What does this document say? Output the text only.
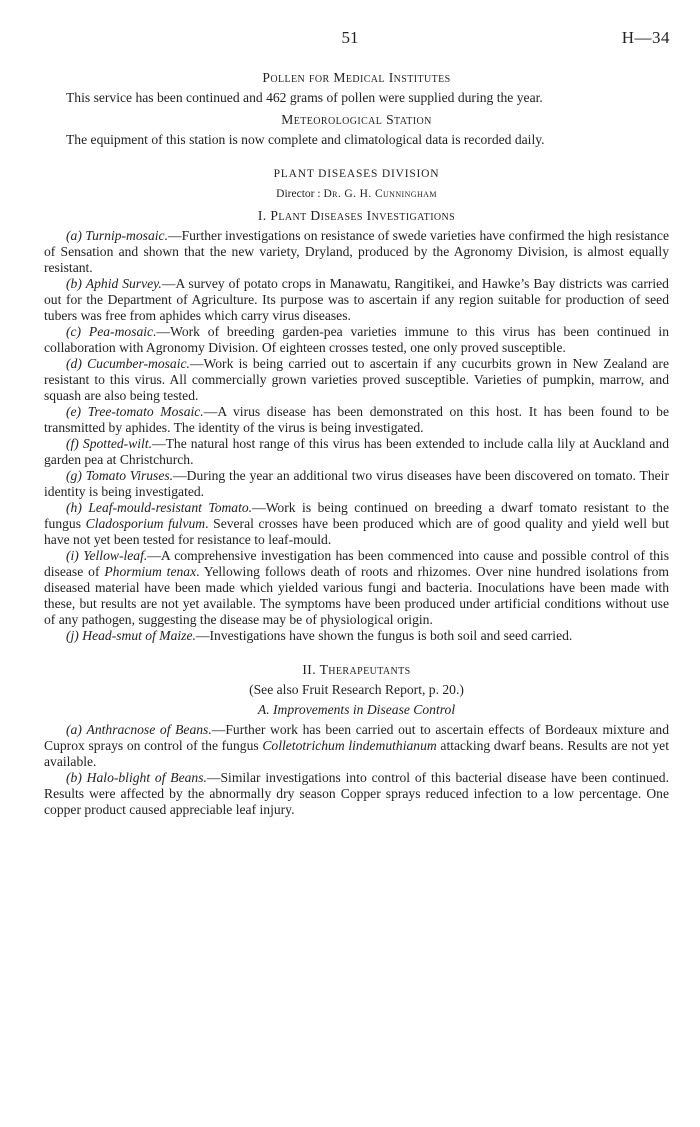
51	H—34

Pollen for Medical Institutes

This service has been continued and 462 grams of pollen were supplied during the year.

Meteorological Station

The equipment of this station is now complete and climatological data is recorded daily.

PLANT DISEASES DIVISION

Director : Dr. G. H. Cunningham

I. Plant Diseases Investigations

(a) Turnip-mosaic.—Further investigations on resistance of swede varieties have confirmed the high resistance of Sensation and shown that the new variety, Dryland, produced by the Agronomy Division, is almost equally resistant.

(b) Aphid Survey.—A survey of potato crops in Manawatu, Rangitikei, and Hawke’s Bay districts was carried out for the Department of Agriculture. Its purpose was to ascertain if any region suitable for production of seed tubers was free from aphides which carry virus diseases.

(c) Pea-mosaic.—Work of breeding garden-pea varieties immune to this virus has been continued in collaboration with Agronomy Division. Of eighteen crosses tested, one only proved susceptible.

(d) Cucumber-mosaic.—Work is being carried out to ascertain if any cucurbits grown in New Zealand are resistant to this virus. All commercially grown varieties proved susceptible. Varieties of pumpkin, marrow, and squash are also being tested.

(e) Tree-tomato Mosaic.—A virus disease has been demonstrated on this host. It has been found to be transmitted by aphides. The identity of the virus is being investigated.

(f) Spotted-wilt.—The natural host range of this virus has been extended to include calla lily at Auckland and garden pea at Christchurch.

(g) Tomato Viruses.—During the year an additional two virus diseases have been discovered on tomato. Their identity is being investigated.

(h) Leaf-mould-resistant Tomato.—Work is being continued on breeding a dwarf tomato resistant to the fungus Cladosporium fulvum. Several crosses have been produced which are of good quality and yield well but have not yet been tested for resistance to leaf-mould.

(i) Yellow-leaf.—A comprehensive investigation has been commenced into cause and possible control of this disease of Phormium tenax. Yellowing follows death of roots and rhizomes. Over nine hundred isolations from diseased material have been made which yielded various fungi and bacteria. Inoculations have been made with these, but results are not yet available. The symptoms have been produced under artificial conditions without use of any pathogen, suggesting the disease may be of physiological origin.

(j) Head-smut of Maize.—Investigations have shown the fungus is both soil and seed carried.

II. Therapeutants

(See also Fruit Research Report, p. 20.)

A. Improvements in Disease Control

(a) Anthracnose of Beans.—Further work has been carried out to ascertain effects of Bordeaux mixture and Cuprox sprays on control of the fungus Colletotrichum lindemuthianum attacking dwarf beans. Results are not yet available.

(b) Halo-blight of Beans.—Similar investigations into control of this bacterial disease have been continued. Results were affected by the abnormally dry season Copper sprays reduced infection to a low percentage. One copper product caused appreciable leaf injury.
